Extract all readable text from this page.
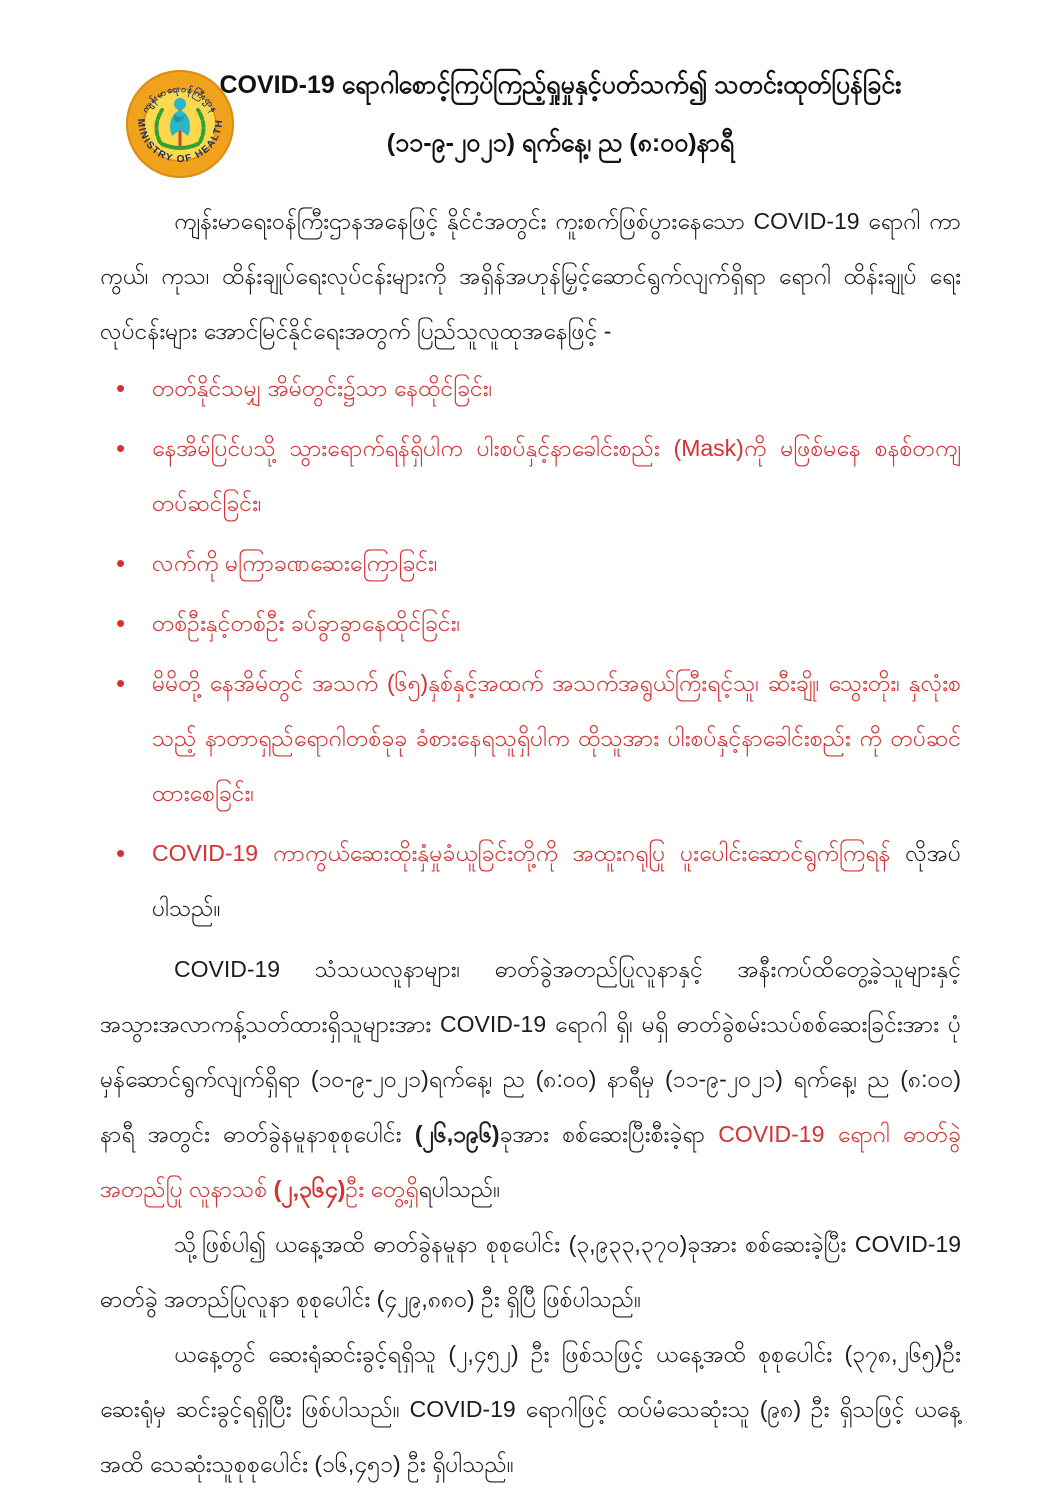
ကျန်းမာရေးဝန်ကြီးဌာန
MINISTRY OF HEALTH
COVID-19 ရောဂါစောင့်ကြပ်ကြည့်ရှုမှုနှင့်ပတ်သက်၍ သတင်းထုတ်ပြန်ခြင်း
(၁၁-၉-၂၀၂၁) ရက်နေ့၊ ည (၈:၀၀)နာရီ

ကျန်းမာရေးဝန်ကြီးဌာနအနေဖြင့် နိုင်ငံအတွင်း ကူးစက်ဖြစ်ပွားနေသော COVID-19 ရောဂါ ကာကွယ်၊ ကုသ၊ ထိန်းချုပ်ရေးလုပ်ငန်းများကို အရှိန်အဟုန်မြှင့်ဆောင်ရွက်လျက်ရှိရာ ရောဂါ ထိန်းချုပ် ရေးလုပ်ငန်းများ အောင်မြင်နိုင်ရေးအတွက် ပြည်သူလူထုအနေဖြင့် -

• တတ်နိုင်သမျှ အိမ်တွင်း၌သာ နေထိုင်ခြင်း၊
• နေအိမ်ပြင်ပသို့ သွားရောက်ရန်ရှိပါက ပါးစပ်နှင့်နာခေါင်းစည်း (Mask)ကို မဖြစ်မနေ စနစ်တကျ တပ်ဆင်ခြင်း၊
• လက်ကို မကြာခဏဆေးကြောခြင်း၊
• တစ်ဦးနှင့်တစ်ဦး ခပ်ခွာခွာနေထိုင်ခြင်း၊
• မိမိတို့ နေအိမ်တွင် အသက် (၆၅)နှစ်နှင့်အထက် အသက်အရွယ်ကြီးရင့်သူ၊ ဆီးချို၊ သွေးတိုး၊ နှလုံးစသည့် နာတာရှည်ရောဂါတစ်ခုခု ခံစားနေရသူရှိပါက ထိုသူအား ပါးစပ်နှင့်နာခေါင်းစည်း ကို တပ်ဆင်ထားစေခြင်း၊
• COVID-19 ကာကွယ်ဆေးထိုးနှံမှုခံယူခြင်းတို့ကို အထူးဂရုပြု ပူးပေါင်းဆောင်ရွက်ကြရန် လိုအပ် ပါသည်။

COVID-19 သံသယလူနာများ၊ ဓာတ်ခွဲအတည်ပြုလူနာနှင့် အနီးကပ်ထိတွေ့ခဲ့သူများနှင့် အသွားအလာကန့်သတ်ထားရှိသူများအား COVID-19 ရောဂါ ရှိ၊ မရှိ ဓာတ်ခွဲစမ်းသပ်စစ်ဆေးခြင်းအား ပုံမှန်ဆောင်ရွက်လျက်ရှိရာ (၁၀-၉-၂၀၂၁)ရက်နေ့၊ ည (၈:၀၀) နာရီမှ (၁၁-၉-၂၀၂၁) ရက်နေ့၊ ည (၈:၀၀) နာရီ အတွင်း ဓာတ်ခွဲနမူနာစုစုပေါင်း (၂၆,၁၉၆)ခုအား စစ်ဆေးပြီးစီးခဲ့ရာ COVID-19 ရောဂါ ဓာတ်ခွဲ အတည်ပြု လူနာသစ် (၂,၃၆၄)ဦး တွေ့ရှိရပါသည်။

သို့ဖြစ်ပါ၍ ယနေ့အထိ ဓာတ်ခွဲနမူနာ စုစုပေါင်း (၃,၉၃၃,၃၇၀)ခုအား စစ်ဆေးခဲ့ပြီး COVID-19 ဓာတ်ခွဲ အတည်ပြုလူနာ စုစုပေါင်း (၄၂၉,၈၈၀) ဦး ရှိပြီ ဖြစ်ပါသည်။

ယနေ့တွင် ဆေးရုံဆင်းခွင့်ရရှိသူ (၂,၄၅၂) ဦး ဖြစ်သဖြင့် ယနေ့အထိ စုစုပေါင်း (၃၇၈,၂၆၅)ဦး ဆေးရုံမှ ဆင်းခွင့်ရရှိပြီး ဖြစ်ပါသည်။ COVID-19 ရောဂါဖြင့် ထပ်မံသေဆုံးသူ (၉၈) ဦး ရှိသဖြင့် ယနေ့အထိ သေဆုံးသူစုစုပေါင်း (၁၆,၄၅၁) ဦး ရှိပါသည်။
